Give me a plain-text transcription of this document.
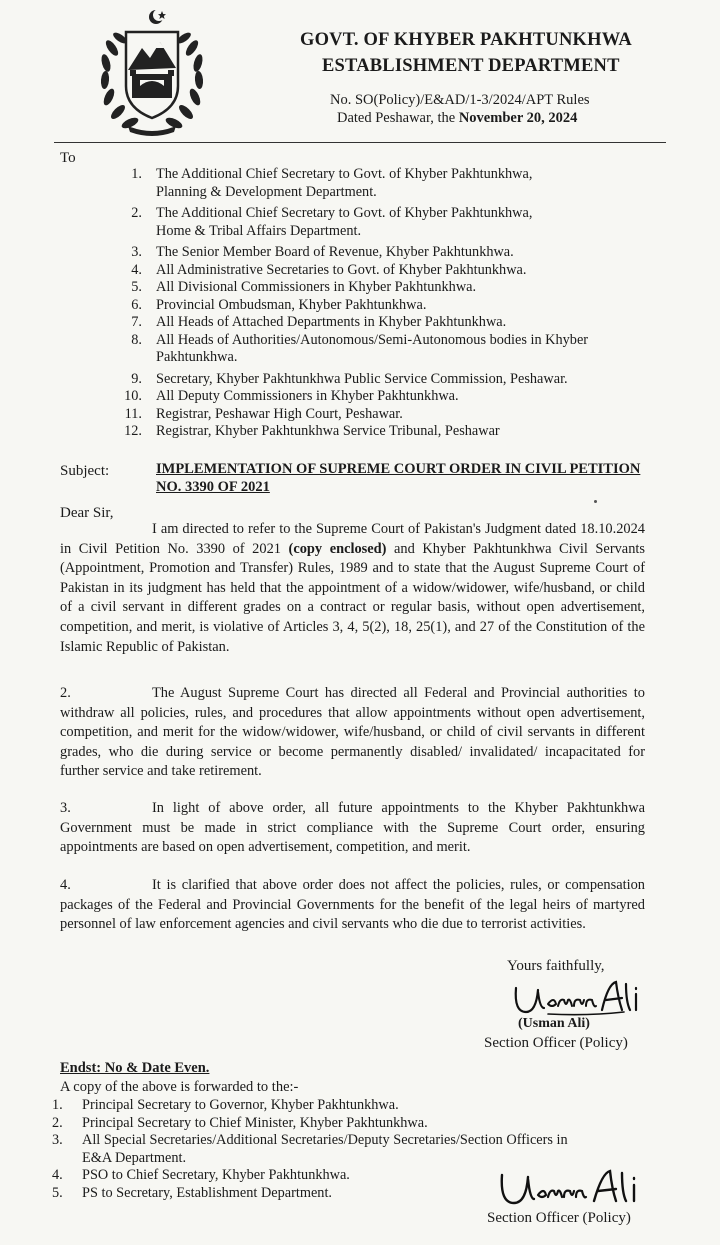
GOVT. OF KHYBER PAKHTUNKHWA
ESTABLISHMENT DEPARTMENT
No. SO(Policy)/E&AD/1-3/2024/APT Rules
Dated Peshawar, the November 20, 2024
To
1. The Additional Chief Secretary to Govt. of Khyber Pakhtunkhwa,
Planning & Development Department.
2. The Additional Chief Secretary to Govt. of Khyber Pakhtunkhwa,
Home & Tribal Affairs Department.
3. The Senior Member Board of Revenue, Khyber Pakhtunkhwa.
4. All Administrative Secretaries to Govt. of Khyber Pakhtunkhwa.
5. All Divisional Commissioners in Khyber Pakhtunkhwa.
6. Provincial Ombudsman, Khyber Pakhtunkhwa.
7. All Heads of Attached Departments in Khyber Pakhtunkhwa.
8. All Heads of Authorities/Autonomous/Semi-Autonomous bodies in Khyber
Pakhtunkhwa.
9. Secretary, Khyber Pakhtunkhwa Public Service Commission, Peshawar.
10. All Deputy Commissioners in Khyber Pakhtunkhwa.
11. Registrar, Peshawar High Court, Peshawar.
12. Registrar, Khyber Pakhtunkhwa Service Tribunal, Peshawar
Subject:	IMPLEMENTATION OF SUPREME COURT ORDER IN CIVIL PETITION NO. 3390 OF 2021
Dear Sir,
I am directed to refer to the Supreme Court of Pakistan's Judgment dated 18.10.2024 in Civil Petition No. 3390 of 2021 (copy enclosed) and Khyber Pakhtunkhwa Civil Servants (Appointment, Promotion and Transfer) Rules, 1989 and to state that the August Supreme Court of Pakistan in its judgment has held that the appointment of a widow/widower, wife/husband, or child of a civil servant in different grades on a contract or regular basis, without open advertisement, competition, and merit, is violative of Articles 3, 4, 5(2), 18, 25(1), and 27 of the Constitution of the Islamic Republic of Pakistan.
2.	The August Supreme Court has directed all Federal and Provincial authorities to withdraw all policies, rules, and procedures that allow appointments without open advertisement, competition, and merit for the widow/widower, wife/husband, or child of civil servants in different grades, who die during service or become permanently disabled/ invalidated/ incapacitated for further service and take retirement.
3.	In light of above order, all future appointments to the Khyber Pakhtunkhwa Government must be made in strict compliance with the Supreme Court order, ensuring appointments are based on open advertisement, competition, and merit.
4.	It is clarified that above order does not affect the policies, rules, or compensation packages of the Federal and Provincial Governments for the benefit of the legal heirs of martyred personnel of law enforcement agencies and civil servants who die due to terrorist activities.
Yours faithfully,
(Usman Ali)
Section Officer (Policy)
Endst: No & Date Even.
A copy of the above is forwarded to the:-
1.	Principal Secretary to Governor, Khyber Pakhtunkhwa.
2.	Principal Secretary to Chief Minister, Khyber Pakhtunkhwa.
3.	All Special Secretaries/Additional Secretaries/Deputy Secretaries/Section Officers in
E&A Department.
4.	PSO to Chief Secretary, Khyber Pakhtunkhwa.
5.	PS to Secretary, Establishment Department.
Section Officer (Policy)
